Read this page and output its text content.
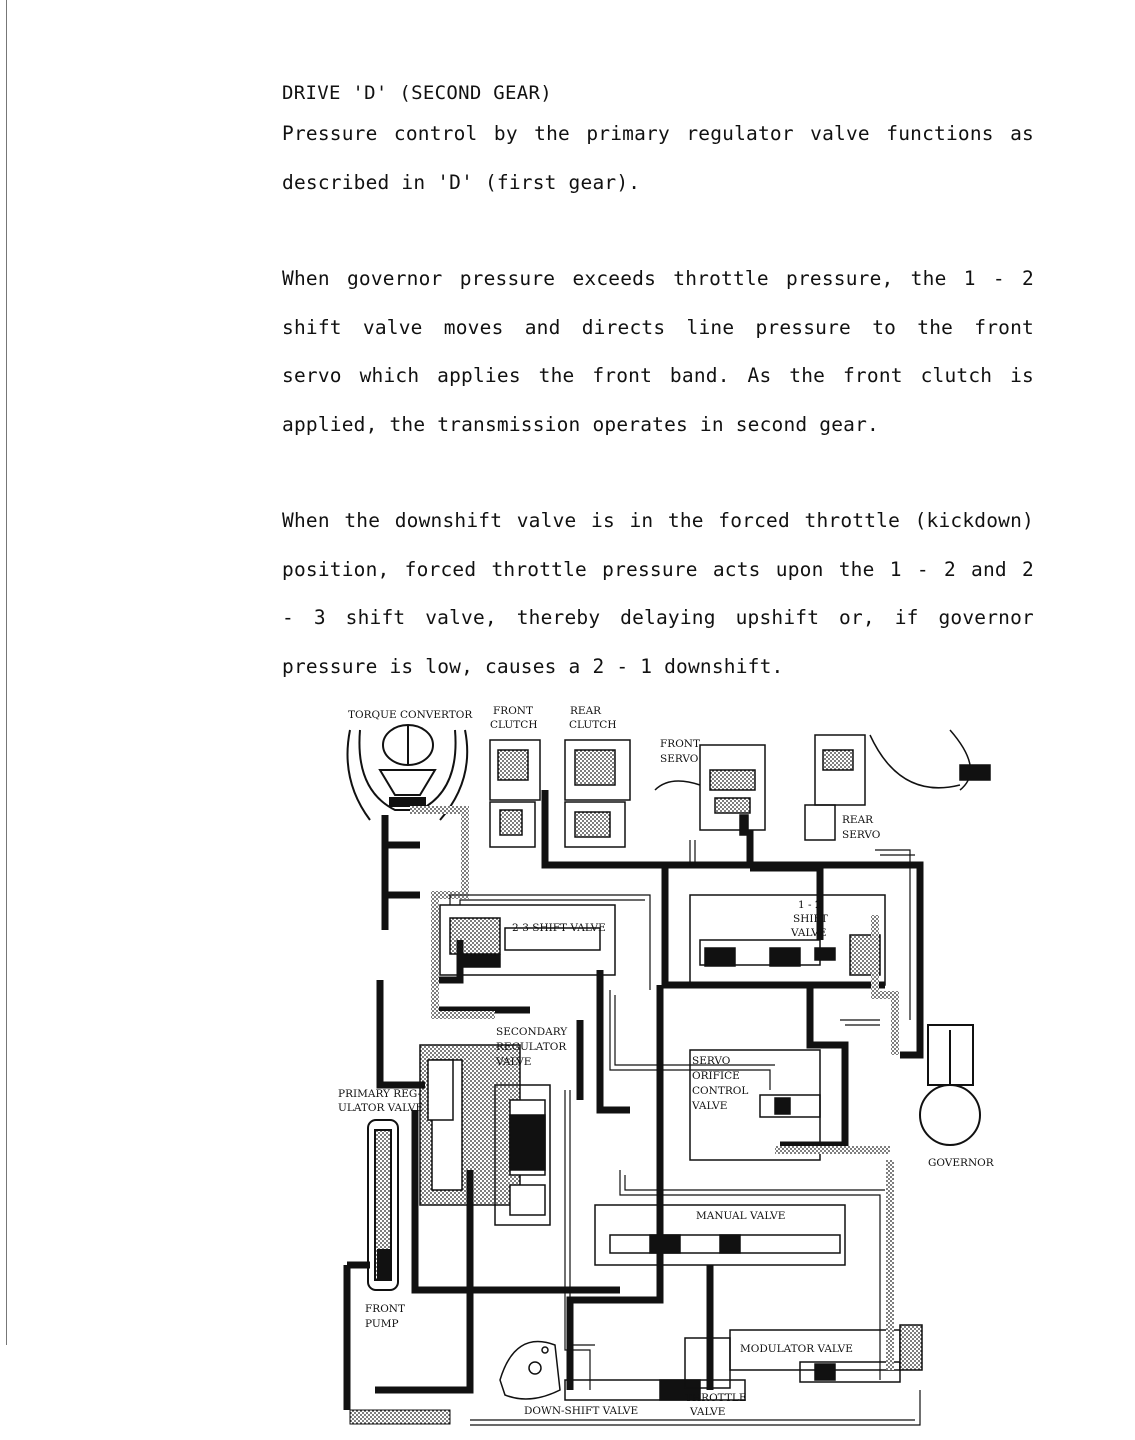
DRIVE 'D' (SECOND GEAR)

Pressure control by the primary regulator valve functions as

described in 'D' (first gear).

When governor pressure exceeds throttle pressure, the 1 - 2
shift valve moves and directs line pressure to the front
servo which applies the front band. As the front clutch is

applied, the transmission operates in second gear.

When the downshift valve is in the forced throttle (kickdown)
position, forced throttle pressure acts upon the 1 - 2 and 2
- 3 shift valve, thereby delaying upshift or, if governor

pressure is low, causes a 2 - 1 downshift.

TORQUE CONVERTOR FRONT
CLUTCH
REAR
CLUTCH
FRONT
SERVO
REAR
SERVO
1 - 2
SHIFT
VALVE
2-3 SHIFT VALVE
SECONDARY
REGULATOR
VALVE
PRIMARY REG-
ULATOR VALVE
SERVO
ORIFICE
CONTROL
VALVE
GOVERNOR
MANUAL VALVE
FRONT
PUMP
MODULATOR VALVE
DOWN-SHIFT VALVE
THROTTLE
VALVE
